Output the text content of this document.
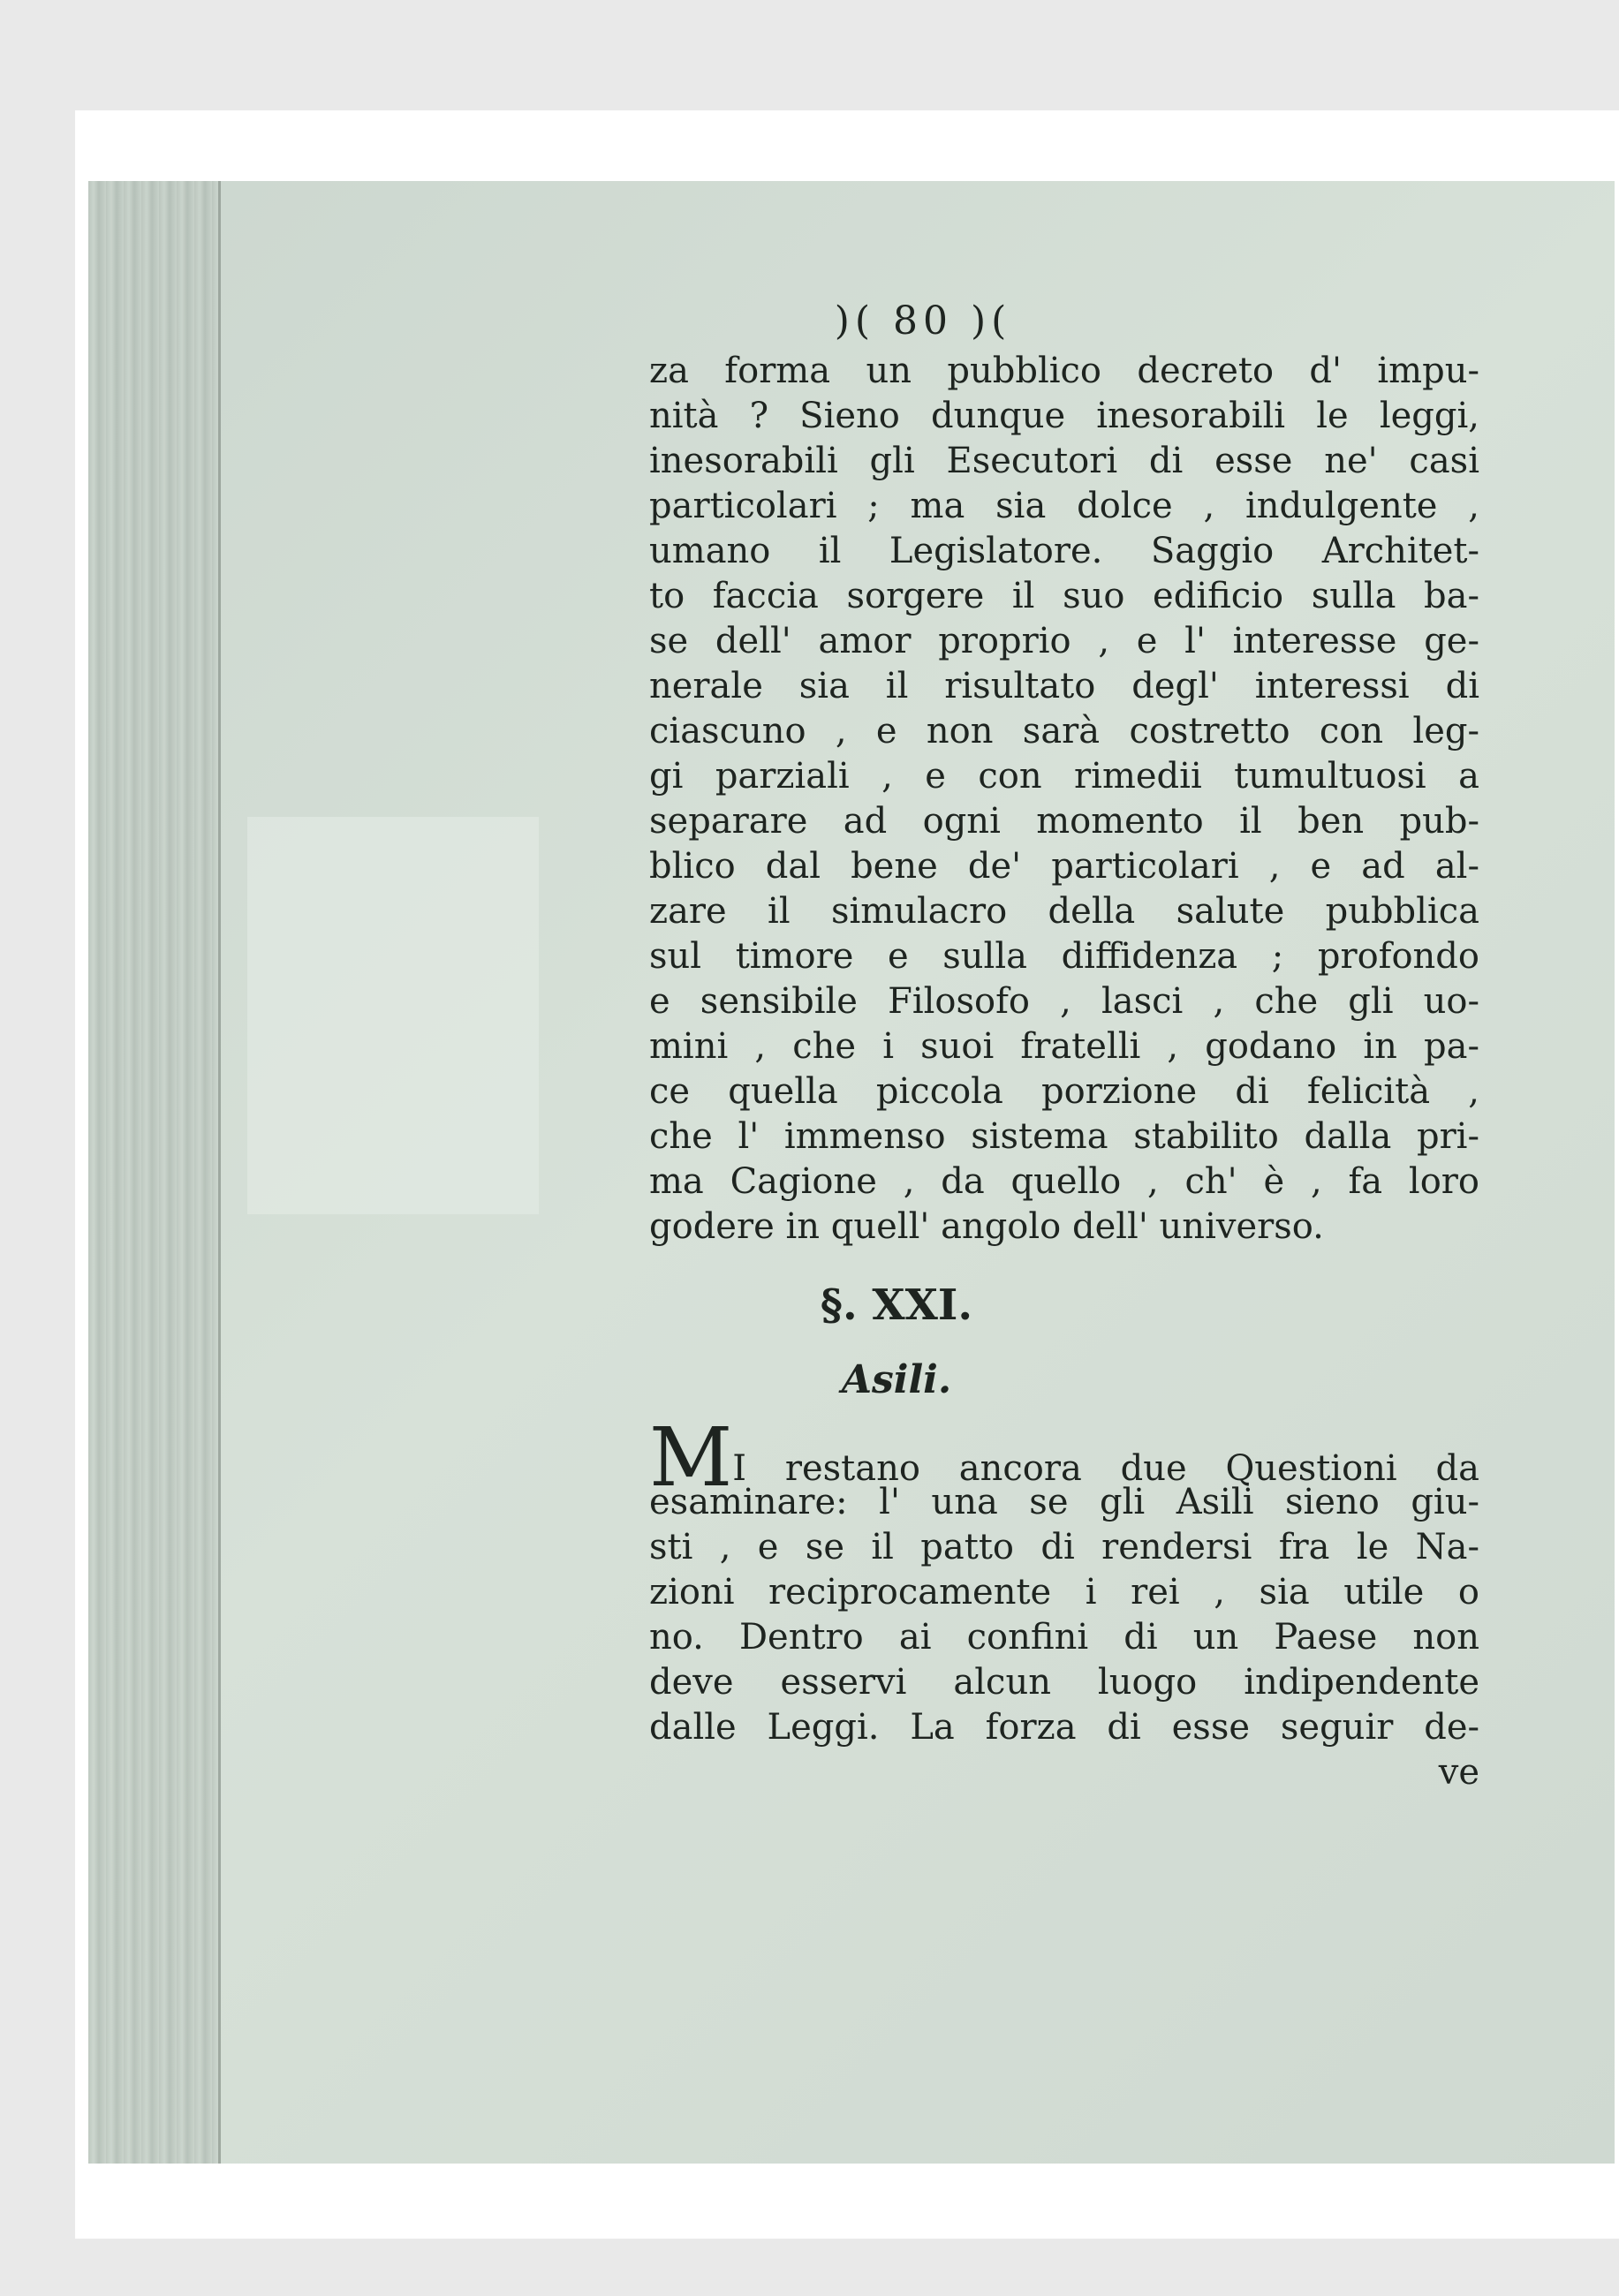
)( 80 )(
za forma un pubblico decreto d' impu-
nità ? Sieno dunque inesorabili le leggi,
inesorabili gli Esecutori di esse ne' casi
particolari ; ma sia dolce , indulgente ,
umano il Legislatore. Saggio Architet-
to faccia sorgere il suo edificio sulla ba-
se dell' amor proprio , e l' interesse ge-
nerale sia il risultato degl' interessi di
ciascuno , e non sarà costretto con leg-
gi parziali , e con rimedii tumultuosi a
separare ad ogni momento il ben pub-
blico dal bene de' particolari , e ad al-
zare il simulacro della salute pubblica
sul timore e sulla diffidenza ; profondo
e sensibile Filosofo , lasci , che gli uo-
mini , che i suoi fratelli , godano in pa-
ce quella piccola porzione di felicità ,
che l' immenso sistema stabilito dalla pri-
ma Cagione , da quello , ch' è , fa loro
godere in quell' angolo dell' universo.
§. XXI.
Asili.
MI restano ancora due Questioni da
esaminare: l' una se gli Asili sieno giu-
sti , e se il patto di rendersi fra le Na-
zioni reciprocamente i rei , sia utile o
no. Dentro ai confini di un Paese non
deve esservi alcun luogo indipendente
dalle Leggi. La forza di esse seguir de-
ve
